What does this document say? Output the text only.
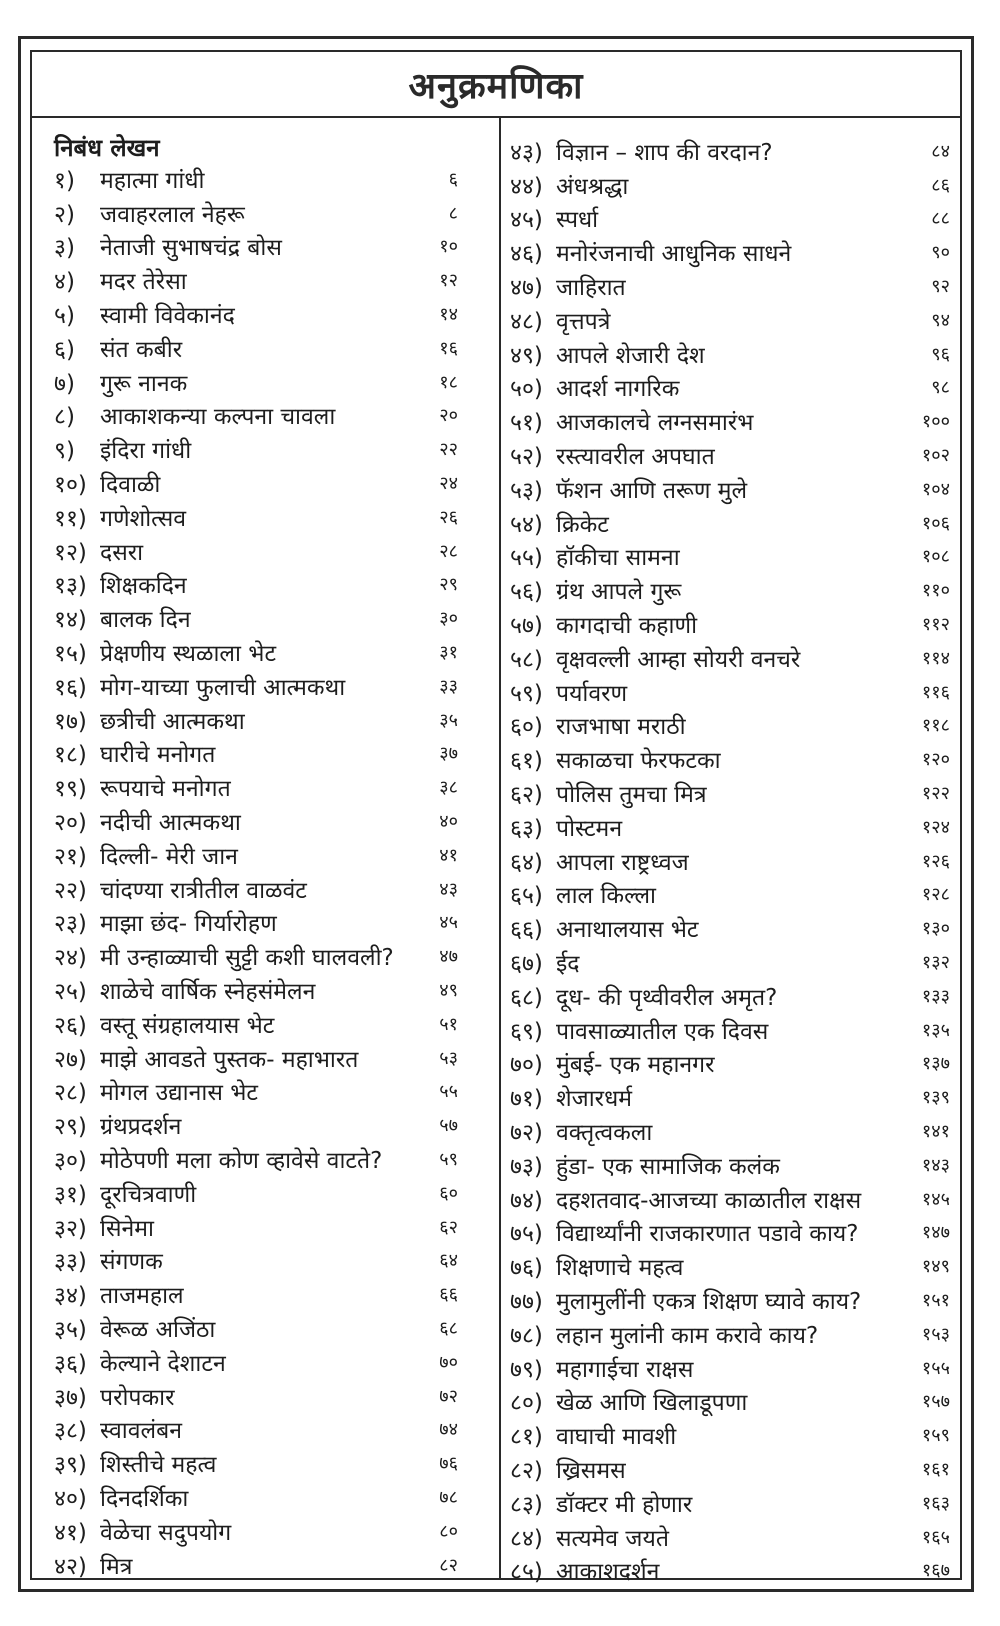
अनुक्रमणिका
निबंध लेखन
१)	महात्मा गांधी	६
२)	जवाहरलाल नेहरू	८
३)	नेताजी सुभाषचंद्र बोस	१०
४)	मदर तेरेसा	१२
५)	स्वामी विवेकानंद	१४
६)	संत कबीर	१६
७)	गुरू नानक	१८
८)	आकाशकन्या कल्पना चावला	२०
९)	इंदिरा गांधी	२२
१०) दिवाळी	२४
११) गणेशोत्सव	२६
१२) दसरा	२८
१३) शिक्षकदिन	२९
१४) बालक दिन	३०
१५) प्रेक्षणीय स्थळाला भेट	३१
१६) मोग-याच्या फुलाची आत्मकथा	३३
१७) छत्रीची आत्मकथा	३५
१८) घारीचे मनोगत	३७
१९) रूपयाचे मनोगत	३८
२०) नदीची आत्मकथा	४०
२१) दिल्ली- मेरी जान	४१
२२) चांदण्या रात्रीतील वाळवंट	४३
२३) माझा छंद- गिर्यारोहण	४५
२४) मी उन्हाळ्याची सुट्टी कशी घालवली?	४७
२५) शाळेचे वार्षिक स्नेहसंमेलन	४९
२६) वस्तू संग्रहालयास भेट	५१
२७) माझे आवडते पुस्तक- महाभारत	५३
२८) मोगल उद्यानास भेट	५५
२९) ग्रंथप्रदर्शन	५७
३०) मोठेपणी मला कोण व्हावेसे वाटते?	५९
३१) दूरचित्रवाणी	६०
३२) सिनेमा	६२
३३) संगणक	६४
३४) ताजमहाल	६६
३५) वेरूळ अजिंठा	६८
३६) केल्याने देशाटन	७०
३७) परोपकार	७२
३८) स्वावलंबन	७४
३९) शिस्तीचे महत्व	७६
४०) दिनदर्शिका	७८
४१) वेळेचा सदुपयोग	८०
४२) मित्र	८२
४३) विज्ञान – शाप की वरदान?	८४
४४) अंधश्रद्धा	८६
४५) स्पर्धा	८८
४६) मनोरंजनाची आधुनिक साधने	९०
४७) जाहिरात	९२
४८) वृत्तपत्रे	९४
४९) आपले शेजारी देश	९६
५०) आदर्श नागरिक	९८
५१) आजकालचे लग्नसमारंभ	१००
५२) रस्त्यावरील अपघात	१०२
५३) फॅशन आणि तरूण मुले	१०४
५४) क्रिकेट	१०६
५५) हॉकीचा सामना	१०८
५६) ग्रंथ आपले गुरू	११०
५७) कागदाची कहाणी	११२
५८) वृक्षवल्ली आम्हा सोयरी वनचरे	११४
५९) पर्यावरण	११६
६०) राजभाषा मराठी	११८
६१) सकाळचा फेरफटका	१२०
६२) पोलिस तुमचा मित्र	१२२
६३) पोस्टमन	१२४
६४) आपला राष्ट्रध्वज	१२६
६५) लाल किल्ला	१२८
६६) अनाथालयास भेट	१३०
६७) ईद	१३२
६८) दूध- की पृथ्वीवरील अमृत?	१३३
६९) पावसाळ्यातील एक दिवस	१३५
७०) मुंबई- एक महानगर	१३७
७१) शेजारधर्म	१३९
७२) वक्तृत्वकला	१४१
७३) हुंडा- एक सामाजिक कलंक	१४३
७४) दहशतवाद-आजच्या काळातील राक्षस	१४५
७५) विद्यार्थ्यांनी राजकारणात पडावे काय?	१४७
७६) शिक्षणाचे महत्व	१४९
७७) मुलामुलींनी एकत्र शिक्षण घ्यावे काय?	१५१
७८) लहान मुलांनी काम करावे काय?	१५३
७९) महागाईचा राक्षस	१५५
८०) खेळ आणि खिलाडूपणा	१५७
८१) वाघाची मावशी	१५९
८२) ख्रिसमस	१६१
८३) डॉक्टर मी होणार	१६३
८४) सत्यमेव जयते	१६५
८५) आकाशदर्शन	१६७
